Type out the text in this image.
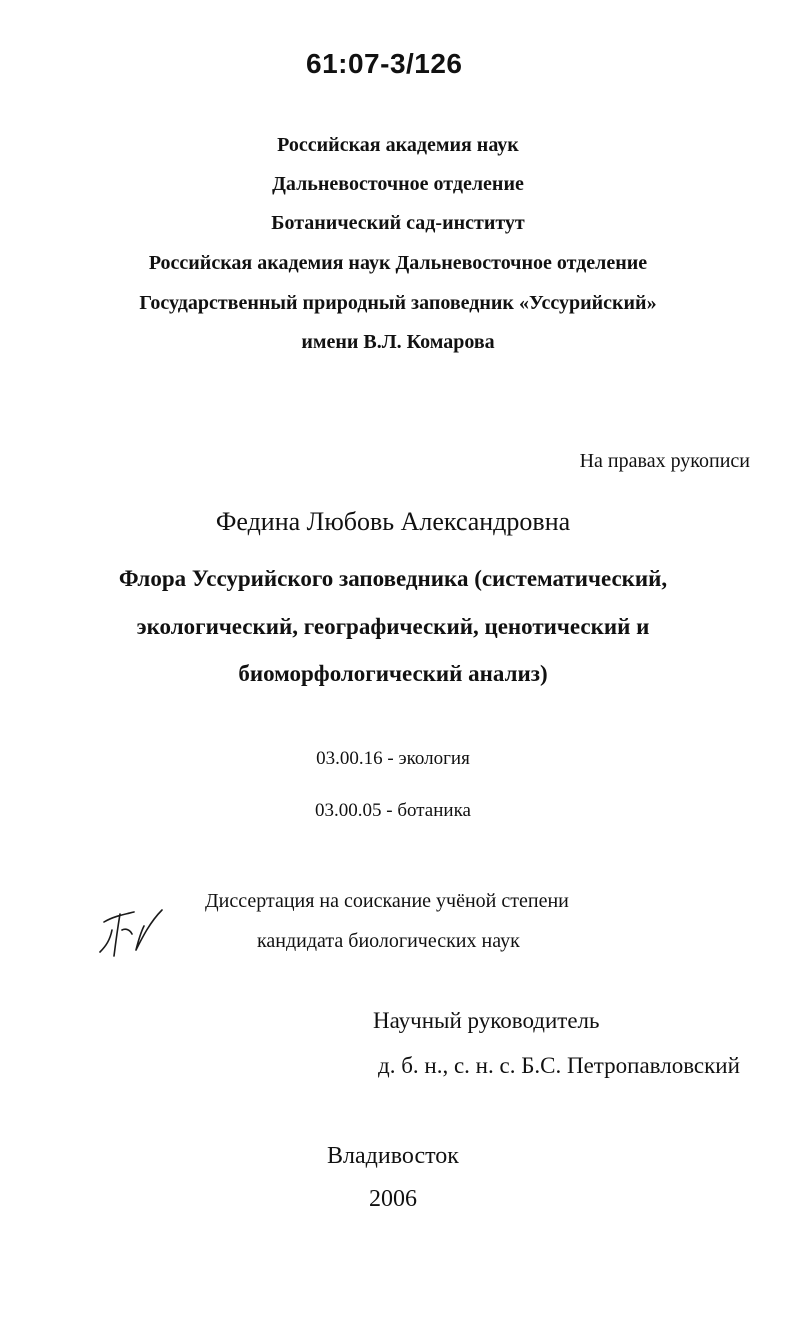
61:07-3/126
Российская академия наук
Дальневосточное отделение
Ботанический сад-институт
Российская академия наук Дальневосточное отделение
Государственный природный заповедник «Уссурийский»
имени В.Л. Комарова
На правах рукописи
Федина Любовь Александровна
Флора Уссурийского заповедника (систематический,
экологический, географический, ценотический и
биоморфологический анализ)
03.00.16 - экология
03.00.05 - ботаника
Диссертация на соискание учёной степени
кандидата биологических наук
Научный руководитель
д. б. н., с. н. с. Б.С. Петропавловский
Владивосток
2006
